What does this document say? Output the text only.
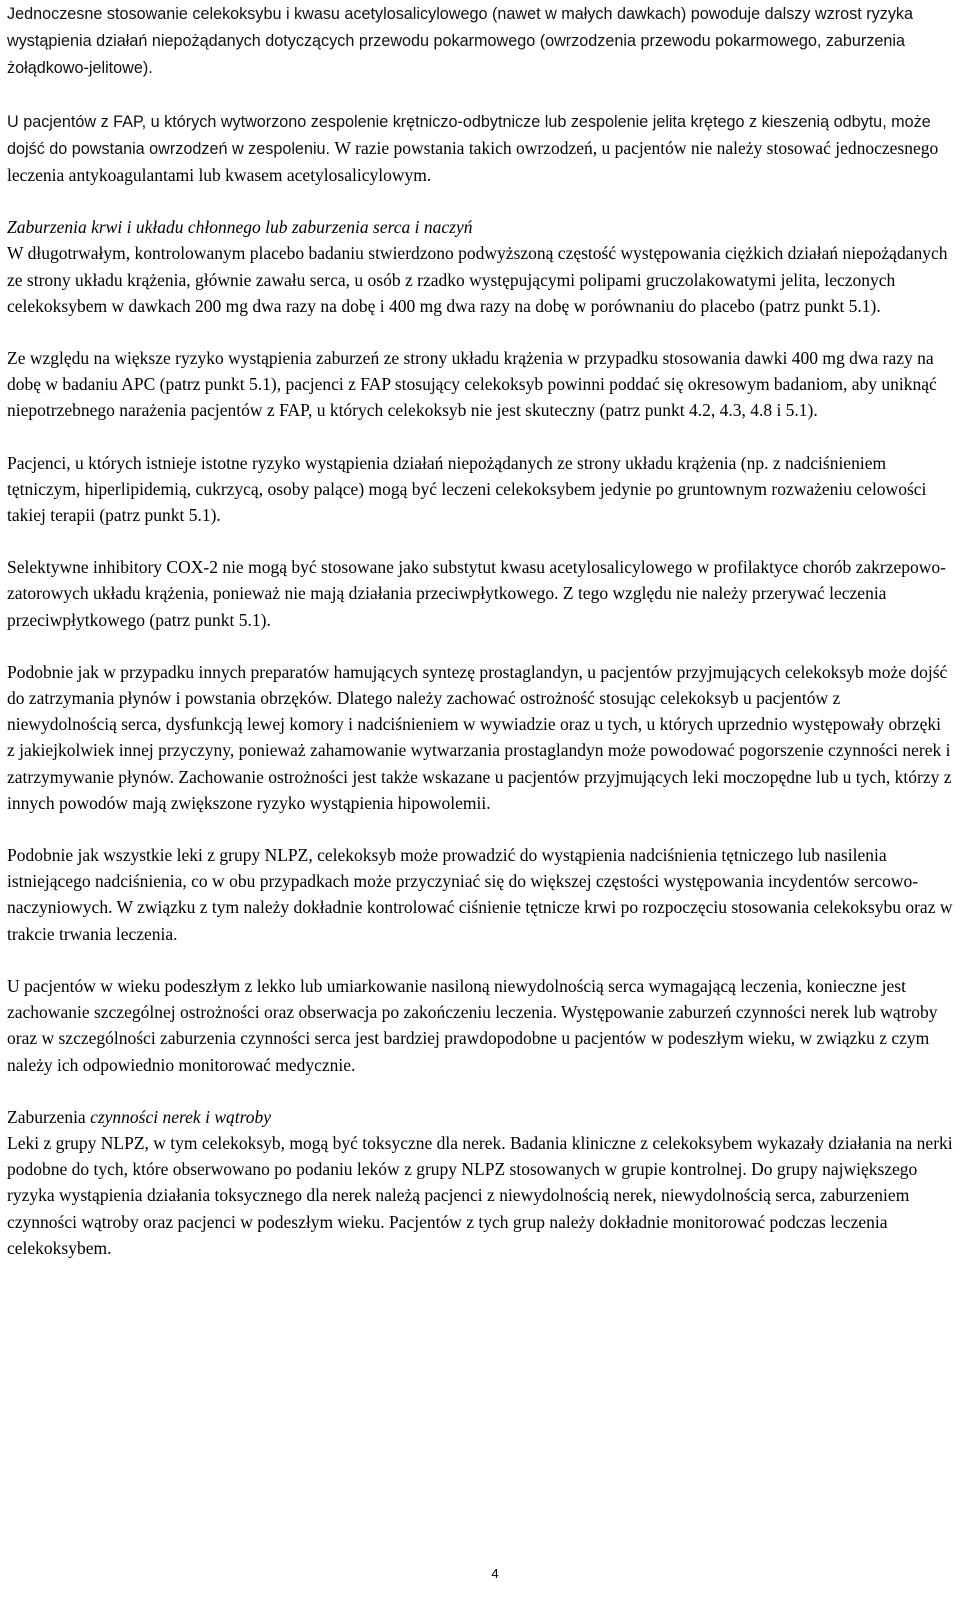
Jednoczesne stosowanie celekoksybu i kwasu acetylosalicylowego (nawet w małych dawkach) powoduje dalszy wzrost ryzyka wystąpienia działań niepożądanych dotyczących przewodu pokarmowego (owrzodzenia przewodu pokarmowego, zaburzenia żołądkowo-jelitowe).

U pacjentów z FAP, u których wytworzono zespolenie krętniczo-odbytnicze lub zespolenie jelita krętego z kieszenią odbytu, może dojść do powstania owrzodzeń w zespoleniu. W razie powstania takich owrzodzeń, u pacjentów nie należy stosować jednoczesnego leczenia antykoagulantami lub kwasem acetylosalicylowym.

Zaburzenia krwi i układu chłonnego lub zaburzenia serca i naczyń

W długotrwałym, kontrolowanym placebo badaniu stwierdzono podwyższoną częstość występowania ciężkich działań niepożądanych ze strony układu krążenia, głównie zawału serca, u osób z rzadko występującymi polipami gruczolakowatymi jelita, leczonych celekoksybem w dawkach 200 mg dwa razy na dobę i 400 mg dwa razy na dobę w porównaniu do placebo (patrz punkt 5.1).

Ze względu na większe ryzyko wystąpienia zaburzeń ze strony układu krążenia w przypadku stosowania dawki 400 mg dwa razy na dobę w badaniu APC (patrz punkt 5.1), pacjenci z FAP stosujący celekoksyb powinni poddać się okresowym badaniom, aby uniknąć niepotrzebnego narażenia pacjentów z FAP, u których celekoksyb nie jest skuteczny (patrz punkt 4.2, 4.3, 4.8 i 5.1).

Pacjenci, u których istnieje istotne ryzyko wystąpienia działań niepożądanych ze strony układu krążenia (np. z nadciśnieniem tętniczym, hiperlipidemią, cukrzycą, osoby palące) mogą być leczeni celekoksybem jedynie po gruntownym rozważeniu celowości takiej terapii (patrz punkt 5.1).

Selektywne inhibitory COX-2 nie mogą być stosowane jako substytut kwasu acetylosalicylowego w profilaktyce chorób zakrzepowo-zatorowych układu krążenia, ponieważ nie mają działania przeciwpłytkowego. Z tego względu nie należy przerywać leczenia przeciwpłytkowego (patrz punkt 5.1).

Podobnie jak w przypadku innych preparatów hamujących syntezę prostaglandyn, u pacjentów przyjmujących celekoksyb może dojść do zatrzymania płynów i powstania obrzęków. Dlatego należy zachować ostrożność stosując celekoksyb u pacjentów z niewydolnością serca, dysfunkcją lewej komory i nadciśnieniem w wywiadzie oraz u tych, u których uprzednio występowały obrzęki z jakiejkolwiek innej przyczyny, ponieważ zahamowanie wytwarzania prostaglandyn może powodować pogorszenie czynności nerek i zatrzymywanie płynów. Zachowanie ostrożności jest także wskazane u pacjentów przyjmujących leki moczopędne lub u tych, którzy z innych powodów mają zwiększone ryzyko wystąpienia hipowolemii.

Podobnie jak wszystkie leki z grupy NLPZ, celekoksyb może prowadzić do wystąpienia nadciśnienia tętniczego lub nasilenia istniejącego nadciśnienia, co w obu przypadkach może przyczyniać się do większej częstości występowania incydentów sercowo-naczyniowych. W związku z tym należy dokładnie kontrolować ciśnienie tętnicze krwi po rozpoczęciu stosowania celekoksybu oraz w trakcie trwania leczenia.

U pacjentów w wieku podeszłym z lekko lub umiarkowanie nasiloną niewydolnością serca wymagającą leczenia, konieczne jest zachowanie szczególnej ostrożności oraz obserwacja po zakończeniu leczenia. Występowanie zaburzeń czynności nerek lub wątroby oraz w szczególności zaburzenia czynności serca jest bardziej prawdopodobne u pacjentów w podeszłym wieku, w związku z czym należy ich odpowiednio monitorować medycznie.

Zaburzenia czynności nerek i wątroby

Leki z grupy NLPZ, w tym celekoksyb, mogą być toksyczne dla nerek. Badania kliniczne z celekoksybem wykazały działania na nerki podobne do tych, które obserwowano po podaniu leków z grupy NLPZ stosowanych w grupie kontrolnej. Do grupy największego ryzyka wystąpienia działania toksycznego dla nerek należą pacjenci z niewydolnością nerek, niewydolnością serca, zaburzeniem czynności wątroby oraz pacjenci w podeszłym wieku. Pacjentów z tych grup należy dokładnie monitorować podczas leczenia celekoksybem.

4
